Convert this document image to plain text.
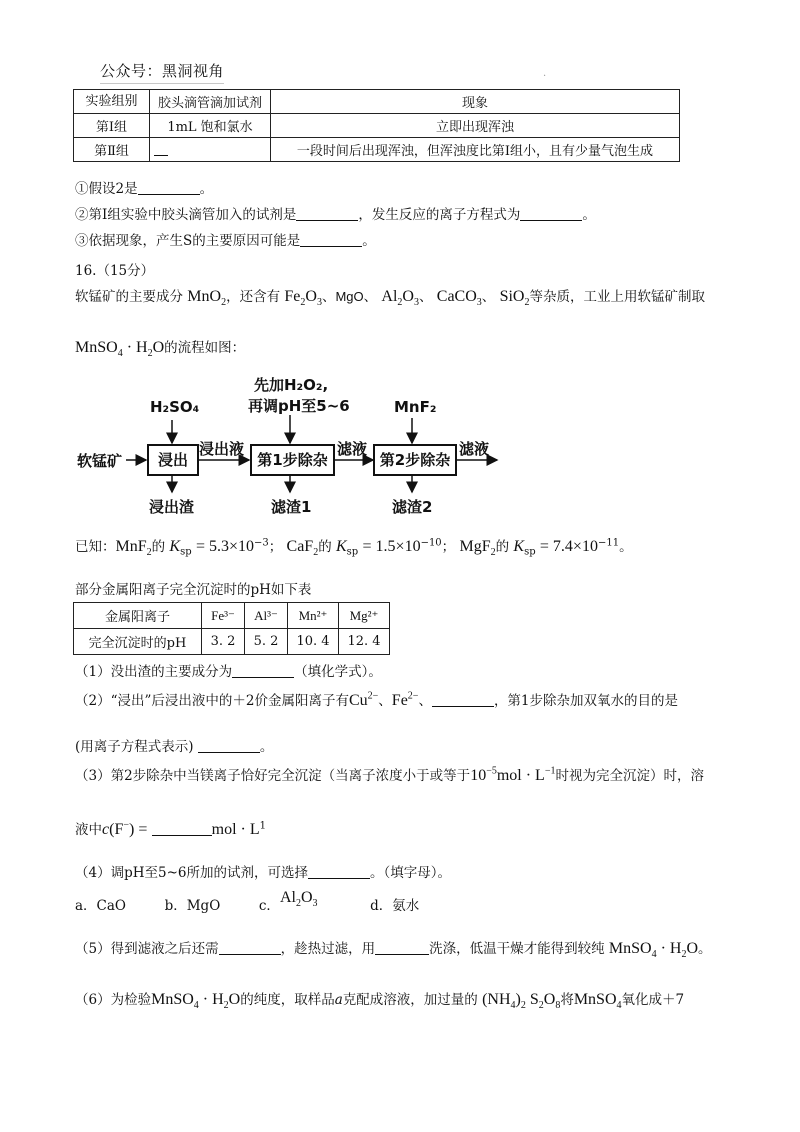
公众号：黑洞视角	.
实验组别	胶头滴管滴加试剂	现象
第Ⅰ组	1mL 饱和氯水	立即出现浑浊
第Ⅱ组		一段时间后出现浑浊，但浑浊度比第Ⅰ组小，且有少量气泡生成
①假设2是	。
②第Ⅰ组实验中胶头滴管加入的试剂是	，发生反应的离子方程式为	。
③依据现象，产生S的主要原因可能是	。
16.（15分）
软锰矿的主要成分 MnO$_2$，还含有 $Fe_2O_3$、MgO、 $Al_2O_3$、 CaCO$_3$、 SiO$_2$等杂质，工业上用软锰矿制取
MnSO$_4$ · $H_2O$的流程如图：
软锰矿
H₂SO₄
浸出
浸出液
先加H₂O₂,
再调pH至5~6
第1步除杂
滤液
MnF₂
第2步除杂
滤液
浸出渣	滤渣1	滤渣2
已知：MnF$_2$的 $K_{sp} = 5.3\times 10^{-3}$； CaF$_2$的 $K_{sp} = 1.5\times 10^{-10}$； MgF$_2$的 $K_{sp} = 7.4\times 10^{-11}$。
部分金属阳离子完全沉淀时的pH如下表
金属阳离子	Fe³⁻	Al³⁻	Mn²⁺	Mg²⁺
完全沉淀时的pH	3. 2	5. 2	10. 4	12. 4
（1）没出渣的主要成分为	（填化学式）。
（2）“浸出”后浸出液中的＋2价金属阳离子有$Cu^{2-}$、$Fe^{2-}$、	，第1步除杂加双氧水的目的是
(用离子方程式表示)	。
（3）第2步除杂中当镁离子恰好完全沉淀（当离子浓度小于或等于$10^{-5}mol \cdot L^{-1}$时视为完全沉淀）时，溶
液中c(F−) =	mol · $L^1$
（4）调pH至5~6所加的试剂，可选择	。（填字母）。
a．CaO	b．MgO	c．$Al_2O_3$	d．氨水
（5）得到滤液之后还需	，趁热过滤，用	洗涤，低温干燥才能得到较纯 MnSO$_4$ · $H_2O$。
（6）为检验MnSO$_4$ · $H_2O$的纯度，取样品a克配成溶液，加过量的 $(NH_4)_2$ $S_2O_8$将MnSO$_4$氧化成＋7
